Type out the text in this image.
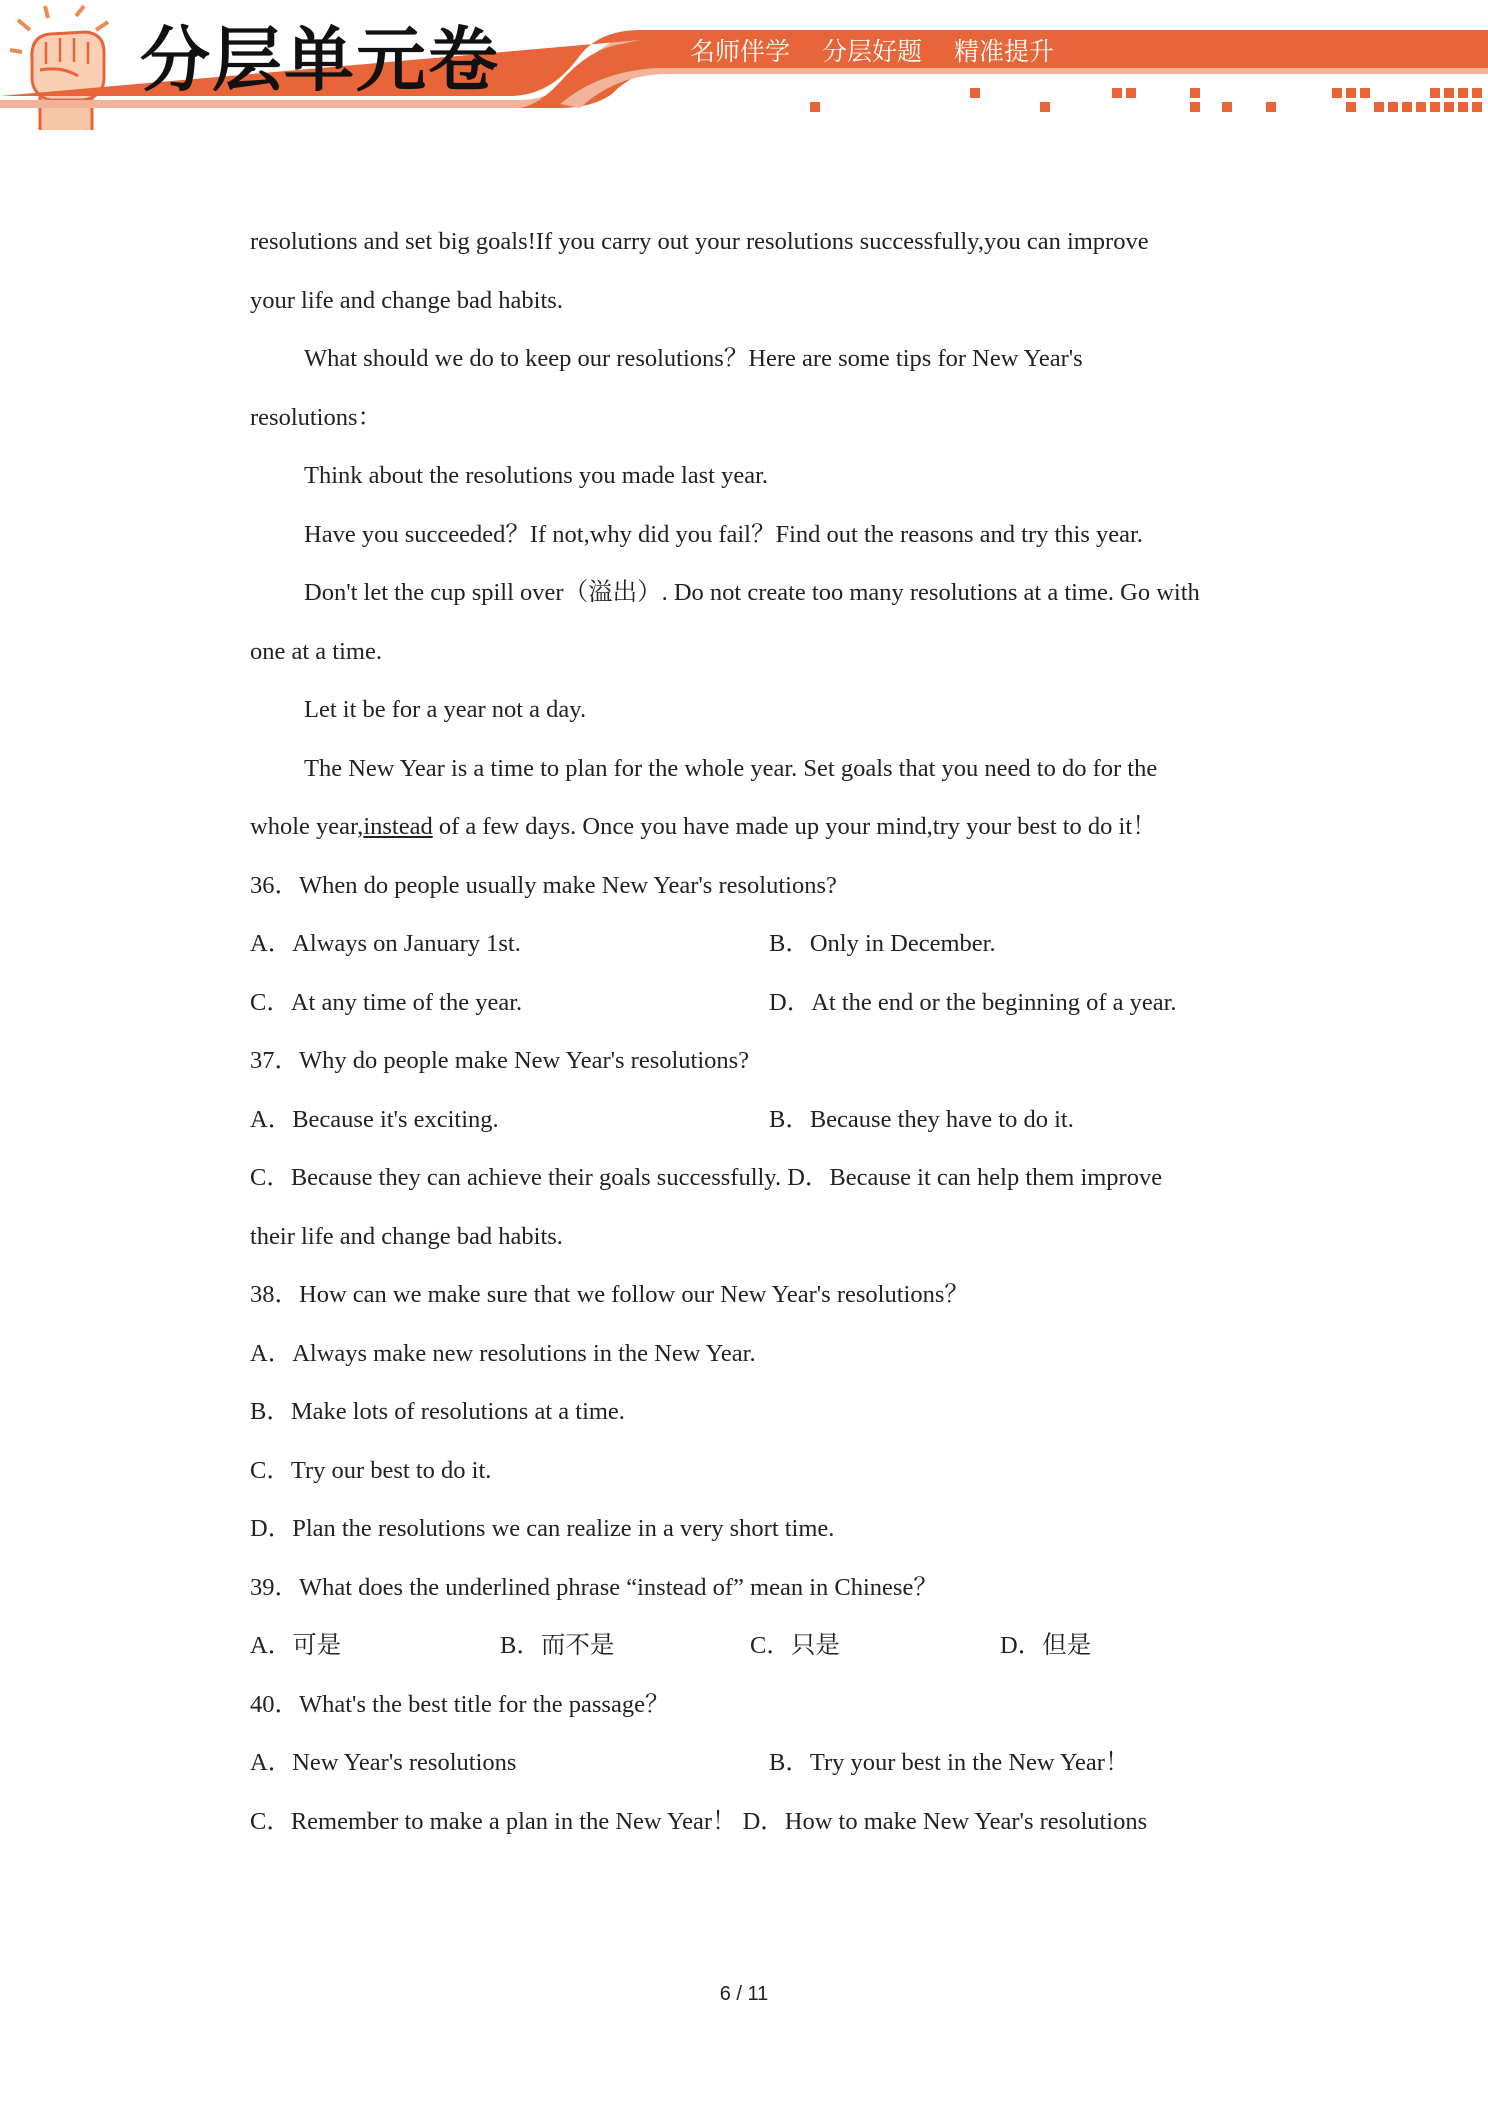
分层单元卷	名师伴学 分层好题 精准提升
resolutions and set big goals!If you carry out your resolutions successfully,you can improve
your life and change bad habits.
What should we do to keep our resolutions？Here are some tips for New Year's
resolutions：
Think about the resolutions you made last year.
Have you succeeded？If not,why did you fail？Find out the reasons and try this year.
Don't let the cup spill over（溢出）. Do not create too many resolutions at a time. Go with
one at a time.
Let it be for a year not a day.
The New Year is a time to plan for the whole year. Set goals that you need to do for the
whole year,instead of a few days. Once you have made up your mind,try your best to do it！
36．When do people usually make New Year's resolutions?
A．Always on January 1st.	B．Only in December.
C．At any time of the year.	D．At the end or the beginning of a year.
37．Why do people make New Year's resolutions?
A．Because it's exciting.	B．Because they have to do it.
C．Because they can achieve their goals successfully. D．Because it can help them improve
their life and change bad habits.
38．How can we make sure that we follow our New Year's resolutions？
A．Always make new resolutions in the New Year.
B．Make lots of resolutions at a time.
C．Try our best to do it.
D．Plan the resolutions we can realize in a very short time.
39．What does the underlined phrase “instead of” mean in Chinese？
A．可是	B．而不是	C．只是	D．但是
40．What's the best title for the passage？
A．New Year's resolutions	B．Try your best in the New Year！
C．Remember to make a plan in the New Year！ D．How to make New Year's resolutions
6 / 11
